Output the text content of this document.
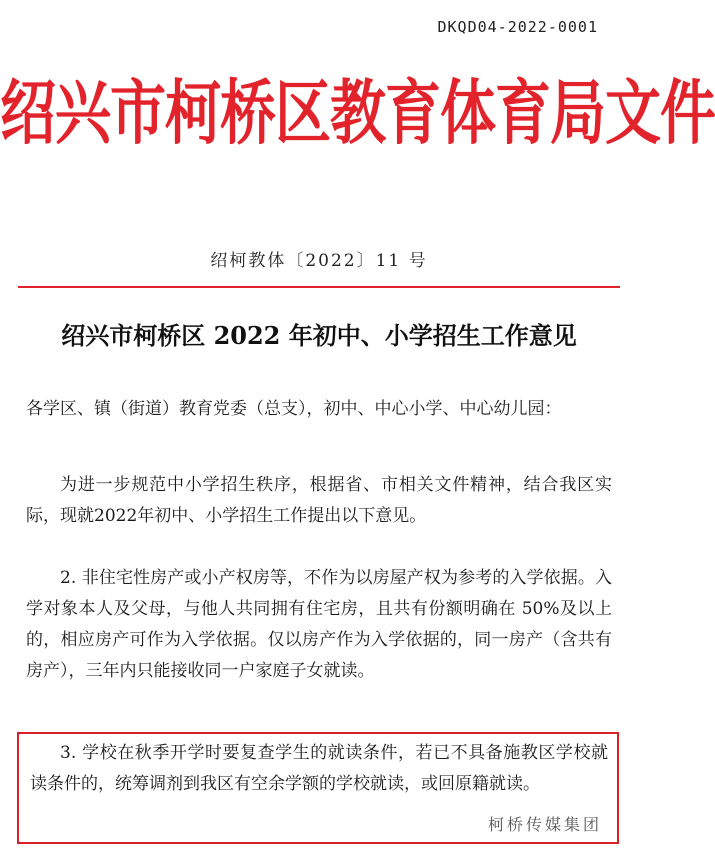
DKQD04-2022-0001
绍兴市柯桥区教育体育局文件
绍柯教体〔2022〕11 号
绍兴市柯桥区 2022 年初中、小学招生工作意见
各学区、镇（街道）教育党委（总支），初中、中心小学、中心幼儿园：
为进一步规范中小学招生秩序，根据省、市相关文件精神，结合我区实际，现就2022年初中、小学招生工作提出以下意见。
2. 非住宅性房产或小产权房等，不作为以房屋产权为参考的入学依据。入学对象本人及父母，与他人共同拥有住宅房，且共有份额明确在 50%及以上的，相应房产可作为入学依据。仅以房产作为入学依据的，同一房产（含共有房产），三年内只能接收同一户家庭子女就读。
3. 学校在秋季开学时要复查学生的就读条件，若已不具备施教区学校就读条件的，统筹调剂到我区有空余学额的学校就读，或回原籍就读。
柯桥传媒集团
